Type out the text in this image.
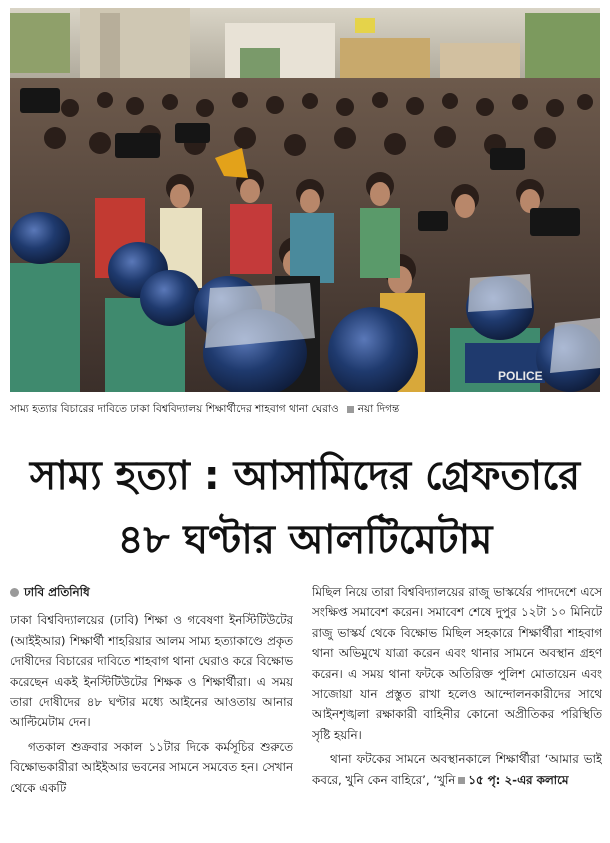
POLICE
সাম্য হত্যার বিচারের দাবিতে ঢাকা বিশ্ববিদ্যালয় শিক্ষার্থীদের শাহবাগ থানা ঘেরাও নয়া দিগন্ত
সাম্য হত্যা : আসামিদের গ্রেফতারে
৪৮ ঘণ্টার আলটিমেটাম
ঢাবি প্রতিনিধি

ঢাকা বিশ্ববিদ্যালয়ের (ঢাবি) শিক্ষা ও গবেষণা ইনস্টিটিউটের (আইইআর) শিক্ষার্থী শাহরিয়ার আলম সাম্য হত্যাকাণ্ডে প্রকৃত দোষীদের বিচারের দাবিতে শাহবাগ থানা ঘেরাও করে বিক্ষোভ করেছেন একই ইনস্টিটিউটের শিক্ষক ও শিক্ষার্থীরা। এ সময় তারা দোষীদের ৪৮ ঘণ্টার মধ্যে আইনের আওতায় আনার আল্টিমেটাম দেন।

গতকাল শুক্রবার সকাল ১১টার দিকে কর্মসূচির শুরুতে বিক্ষোভকারীরা আইইআর ভবনের সামনে সমবেত হন। সেখান থেকে একটি

মিছিল নিয়ে তারা বিশ্ববিদ্যালয়ের রাজু ভাস্কর্যের পাদদেশে এসে সংক্ষিপ্ত সমাবেশ করেন। সমাবেশ শেষে দুপুর ১২টা ১০ মিনিটে রাজু ভাস্কর্য থেকে বিক্ষোভ মিছিল সহকারে শিক্ষার্থীরা শাহবাগ থানা অভিমুখে যাত্রা করেন এবং থানার সামনে অবস্থান গ্রহণ করেন। এ সময় থানা ফটকে অতিরিক্ত পুলিশ মোতায়েন এবং সাজোয়া যান প্রস্তুত রাখা হলেও আন্দোলনকারীদের সাথে আইনশৃঙ্খলা রক্ষাকারী বাহিনীর কোনো অপ্রীতিকর পরিস্থিতি সৃষ্টি হয়নি।

থানা ফটকের সামনে অবস্থানকালে শিক্ষার্থীরা ‘আমার ভাই কবরে, খুনি কেন বাহিরে’, ‘খুনি ১৫ পৃ: ২-এর কলামে
